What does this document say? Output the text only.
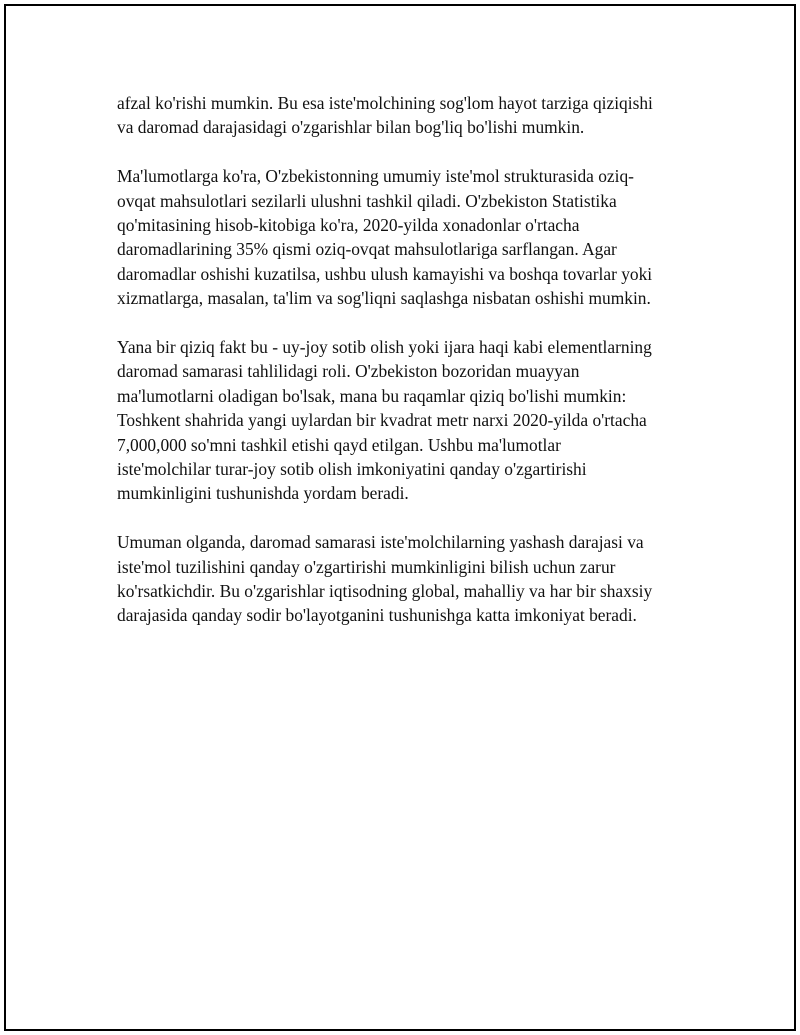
afzal ko'rishi mumkin. Bu esa iste'molchining sog'lom hayot tarziga qiziqishi
va daromad darajasidagi o'zgarishlar bilan bog'liq bo'lishi mumkin.

Ma'lumotlarga ko'ra, O'zbekistonning umumiy iste'mol strukturasida oziq-
ovqat mahsulotlari sezilarli ulushni tashkil qiladi. O'zbekiston Statistika
qo'mitasining hisob-kitobiga ko'ra, 2020-yilda xonadonlar o'rtacha
daromadlarining 35% qismi oziq-ovqat mahsulotlariga sarflangan. Agar
daromadlar oshishi kuzatilsa, ushbu ulush kamayishi va boshqa tovarlar yoki
xizmatlarga, masalan, ta'lim va sog'liqni saqlashga nisbatan oshishi mumkin.

Yana bir qiziq fakt bu - uy-joy sotib olish yoki ijara haqi kabi elementlarning
daromad samarasi tahlilidagi roli. O'zbekiston bozoridan muayyan
ma'lumotlarni oladigan bo'lsak, mana bu raqamlar qiziq bo'lishi mumkin:
Toshkent shahrida yangi uylardan bir kvadrat metr narxi 2020-yilda o'rtacha
7,000,000 so'mni tashkil etishi qayd etilgan. Ushbu ma'lumotlar
iste'molchilar turar-joy sotib olish imkoniyatini qanday o'zgartirishi
mumkinligini tushunishda yordam beradi.

Umuman olganda, daromad samarasi iste'molchilarning yashash darajasi va
iste'mol tuzilishini qanday o'zgartirishi mumkinligini bilish uchun zarur
ko'rsatkichdir. Bu o'zgarishlar iqtisodning global, mahalliy va har bir shaxsiy
darajasida qanday sodir bo'layotganini tushunishga katta imkoniyat beradi.
